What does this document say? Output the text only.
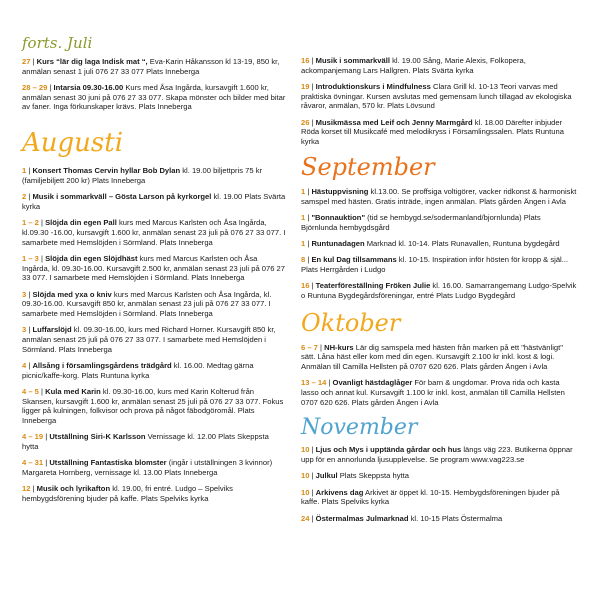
forts. Juli

27 | Kurs “lär dig laga Indisk mat “, Eva-Karin Håkansson kl 13-19, 850 kr, anmälan senast 1 juli 076 27 33 077 Plats Inneberga

28 – 29 | Intarsia 09.30-16.00 Kurs med Åsa Ingårda, kursavgift 1.600 kr, anmälan senast 30 juni på 076 27 33 077. Skapa mönster och bilder med bitar av faner. Inga förkunskaper krävs. Plats Inneberga

Augusti

1 | Konsert Thomas Cervin hyllar Bob Dylan kl. 19.00 biljettpris 75 kr (familjebiljett 200 kr) Plats Inneberga

2 | Musik i sommarkväll – Gösta Larson på kyrkorgel kl. 19.00 Plats Svärta kyrka

1 – 2 | Slöjda din egen Pall kurs med Marcus Karlsten och Åsa Ingårda, kl.09.30 -16.00, kursavgift 1.600 kr, anmälan senast 23 juli på 076 27 33 077. I samarbete med Hemslöjden i Sörmland. Plats Inneberga

1 – 3 | Slöjda din egen Slöjdhäst kurs med Marcus Karlsten och Åsa Ingårda, kl. 09.30-16.00. Kursavgift 2.500 kr, anmälan senast 23 juli på 076 27 33 077. I samarbete med Hemslöjden i Sörmland. Plats Inneberga

3 | Slöjda med yxa o kniv kurs med Marcus Karlsten och Åsa Ingårda, kl. 09.30-16.00. Kursavgift 850 kr, anmälan senast 23 juli på 076 27 33 077. I samarbete med Hemslöjden i Sörmland. Plats Inneberga

3 | Luffarslöjd kl. 09.30-16.00, kurs med Richard Horner. Kursavgift 850 kr, anmälan senast 25 juli på 076 27 33 077. I samarbete med Hemslöjden i Sörmland. Plats Inneberga

4 | Allsång i församlingsgårdens trädgård kl. 16.00. Medtag gärna picnic/kaffe-korg. Plats Runtuna kyrka

4 – 5 | Kula med Karin kl. 09.30-16.00, kurs med Karin Kolterud från Skansen, kursavgift 1.600 kr, anmälan senast 25 juli på 076 27 33 077. Fokus ligger på kulningen, folkvisor och prova på något fäbodgöromål. Plats Inneberga

4 – 19 | Utställning Siri-K Karlsson Vernissage kl. 12.00 Plats Skeppsta hytta

4 – 31 | Utställning Fantastiska blomster (ingår i utställningen 3 kvinnor) Margareta Hornberg, vernissage kl. 13.00 Plats Inneberga

12 | Musik och lyrikafton kl. 19.00, fri entré. Ludgo – Spelviks hembygdsförening bjuder på kaffe. Plats Spelviks kyrka

16 | Musik i sommarkväll kl. 19.00 Sång, Marie Alexis, Folkopera, ackompanjemang Lars Hallgren. Plats Svärta kyrka

19 | Introduktionskurs i Mindfulness Clara Grill kl. 10-13 Teori varvas med praktiska övningar. Kursen avslutas med gemensam lunch tillagad av ekologiska råvaror, anmälan, 570 kr. Plats Lövsund

26 | Musikmässa med Leif och Jenny Marmgård kl. 18.00 Därefter inbjuder Röda korset till Musikcafé med melodikryss i Församlingssalen. Plats Runtuna kyrka

September

1 | Hästuppvisning kl.13.00. Se proffsiga voltigörer, vacker ridkonst & harmoniskt samspel med hästen. Gratis inträde, ingen anmälan. Plats gården Ängen i Avla

1 | "Bonnauktion" (tid se hembygd.se/sodermanland/bjornlunda) Plats Björnlunda hembygdsgård

1 | Runtunadagen Marknad kl. 10-14. Plats Runavallen, Runtuna bygdegård

8 | En kul Dag tillsammans kl. 10-15. Inspiration inför hösten för kropp & själ... Plats Herrgården i Ludgo

16 | Teaterföreställning Fröken Julie kl. 16.00. Samarrangemang Ludgo-Spelvik o Runtuna Bygdegårdsföreningar, entré Plats Ludgo Bygdegård

Oktober

6 – 7 | NH-kurs Lär dig samspela med hästen från marken på ett "hästvänligt" sätt. Låna häst eller kom med din egen. Kursavgift 2.100 kr inkl. kost & logi. Anmälan till Camilla Hellsten på 0707 620 626. Plats gården Ängen i Avla

13 – 14 | Ovanligt hästdaglåger För barn & ungdomar. Prova rida och kasta lasso och annat kul. Kursavgift 1.100 kr inkl. kost, anmälan till Camilla Hellsten 0707 620 626. Plats gården Ängen i Avla

November

10 | Ljus och Mys i upptända gårdar och hus längs väg 223. Butikerna öppnar upp för en annorlunda ljusupplevelse. Se program www.vag223.se

10 | Julkul Plats Skeppsta hytta

10 | Arkivens dag Arkivet är öppet kl. 10-15. Hembygdsföreningen bjuder på kaffe. Plats Spelviks kyrka

24 | Östermalmas Julmarknad kl. 10-15 Plats Östermalma
